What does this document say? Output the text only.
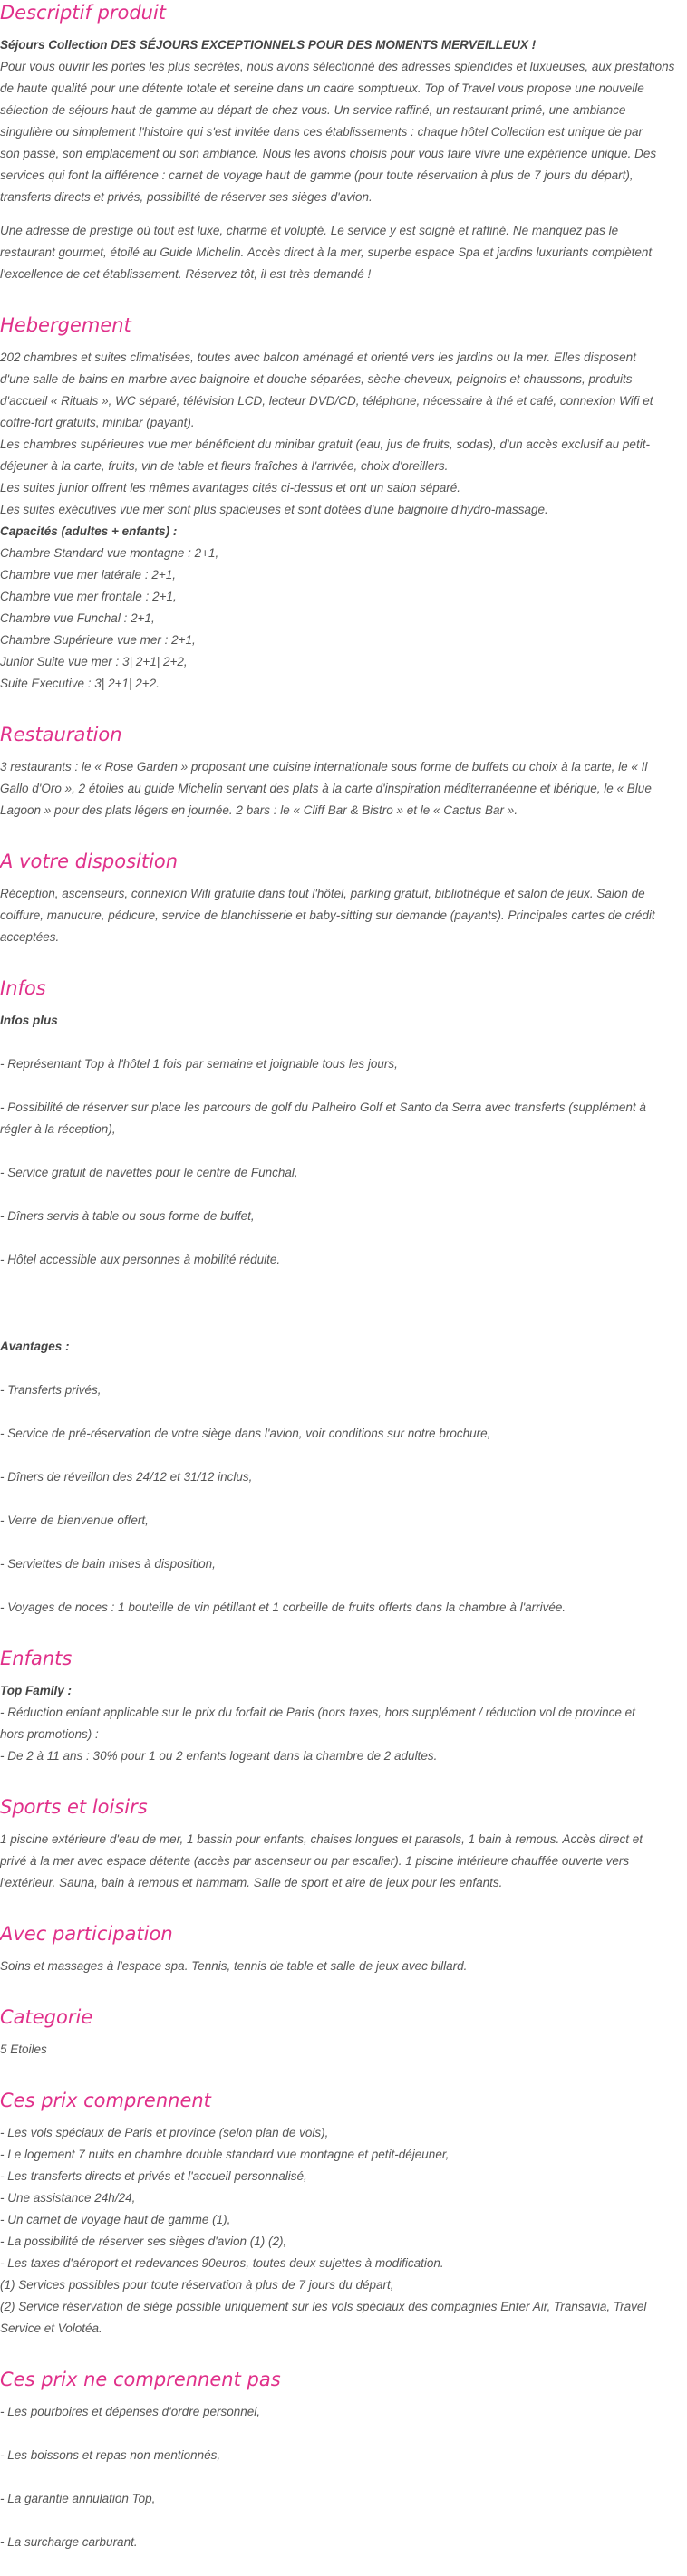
Descriptif produit
Séjours Collection DES SÉJOURS EXCEPTIONNELS POUR DES MOMENTS MERVEILLEUX !
Pour vous ouvrir les portes les plus secrètes, nous avons sélectionné des adresses splendides et luxueuses, aux prestations
de haute qualité pour une détente totale et sereine dans un cadre somptueux. Top of Travel vous propose une nouvelle
sélection de séjours haut de gamme au départ de chez vous. Un service raffiné, un restaurant primé, une ambiance
singulière ou simplement l'histoire qui s'est invitée dans ces établissements : chaque hôtel Collection est unique de par
son passé, son emplacement ou son ambiance. Nous les avons choisis pour vous faire vivre une expérience unique. Des
services qui font la différence : carnet de voyage haut de gamme (pour toute réservation à plus de 7 jours du départ),
transferts directs et privés, possibilité de réserver ses sièges d'avion.
Une adresse de prestige où tout est luxe, charme et volupté. Le service y est soigné et raffiné. Ne manquez pas le
restaurant gourmet, étoilé au Guide Michelin. Accès direct à la mer, superbe espace Spa et jardins luxuriants complètent
l'excellence de cet établissement. Réservez tôt, il est très demandé !
Hebergement
202 chambres et suites climatisées, toutes avec balcon aménagé et orienté vers les jardins ou la mer. Elles disposent
d'une salle de bains en marbre avec baignoire et douche séparées, sèche-cheveux, peignoirs et chaussons, produits
d'accueil « Rituals », WC séparé, télévision LCD, lecteur DVD/CD, téléphone, nécessaire à thé et café, connexion Wifi et
coffre-fort gratuits, minibar (payant).
Les chambres supérieures vue mer bénéficient du minibar gratuit (eau, jus de fruits, sodas), d'un accès exclusif au petit-
déjeuner à la carte, fruits, vin de table et fleurs fraîches à l'arrivée, choix d'oreillers.
Les suites junior offrent les mêmes avantages cités ci-dessus et ont un salon séparé.
Les suites exécutives vue mer sont plus spacieuses et sont dotées d'une baignoire d'hydro-massage.
Capacités (adultes + enfants) :
Chambre Standard vue montagne : 2+1,
Chambre vue mer latérale : 2+1,
Chambre vue mer frontale : 2+1,
Chambre vue Funchal : 2+1,
Chambre Supérieure vue mer : 2+1,
Junior Suite vue mer : 3| 2+1| 2+2,
Suite Executive : 3| 2+1| 2+2.
Restauration
3 restaurants : le « Rose Garden » proposant une cuisine internationale sous forme de buffets ou choix à la carte, le « Il
Gallo d'Oro », 2 étoiles au guide Michelin servant des plats à la carte d'inspiration méditerranéenne et ibérique, le « Blue
Lagoon » pour des plats légers en journée. 2 bars : le « Cliff Bar & Bistro » et le « Cactus Bar ».
A votre disposition
Réception, ascenseurs, connexion Wifi gratuite dans tout l'hôtel, parking gratuit, bibliothèque et salon de jeux. Salon de
coiffure, manucure, pédicure, service de blanchisserie et baby-sitting sur demande (payants). Principales cartes de crédit
acceptées.
Infos
Infos plus
- Représentant Top à l'hôtel 1 fois par semaine et joignable tous les jours,
- Possibilité de réserver sur place les parcours de golf du Palheiro Golf et Santo da Serra avec transferts (supplément à
régler à la réception),
- Service gratuit de navettes pour le centre de Funchal,
- Dîners servis à table ou sous forme de buffet,
- Hôtel accessible aux personnes à mobilité réduite.
Avantages :
- Transferts privés,
- Service de pré-réservation de votre siège dans l'avion, voir conditions sur notre brochure,
- Dîners de réveillon des 24/12 et 31/12 inclus,
- Verre de bienvenue offert,
- Serviettes de bain mises à disposition,
- Voyages de noces : 1 bouteille de vin pétillant et 1 corbeille de fruits offerts dans la chambre à l'arrivée.
Enfants
Top Family :
- Réduction enfant applicable sur le prix du forfait de Paris (hors taxes, hors supplément / réduction vol de province et
hors promotions) :
- De 2 à 11 ans : 30% pour 1 ou 2 enfants logeant dans la chambre de 2 adultes.
Sports et loisirs
1 piscine extérieure d'eau de mer, 1 bassin pour enfants, chaises longues et parasols, 1 bain à remous. Accès direct et
privé à la mer avec espace détente (accès par ascenseur ou par escalier). 1 piscine intérieure chauffée ouverte vers
l'extérieur. Sauna, bain à remous et hammam. Salle de sport et aire de jeux pour les enfants.
Avec participation
Soins et massages à l'espace spa. Tennis, tennis de table et salle de jeux avec billard.
Categorie
5 Etoiles
Ces prix comprennent
- Les vols spéciaux de Paris et province (selon plan de vols),
- Le logement 7 nuits en chambre double standard vue montagne et petit-déjeuner,
- Les transferts directs et privés et l'accueil personnalisé,
- Une assistance 24h/24,
- Un carnet de voyage haut de gamme (1),
- La possibilité de réserver ses sièges d'avion (1) (2),
- Les taxes d'aéroport et redevances 90euros, toutes deux sujettes à modification.
(1) Services possibles pour toute réservation à plus de 7 jours du départ,
(2) Service réservation de siège possible uniquement sur les vols spéciaux des compagnies Enter Air, Transavia, Travel
Service et Volotéa.
Ces prix ne comprennent pas
- Les pourboires et dépenses d'ordre personnel,
- Les boissons et repas non mentionnés,
- La garantie annulation Top,
- La surcharge carburant.
